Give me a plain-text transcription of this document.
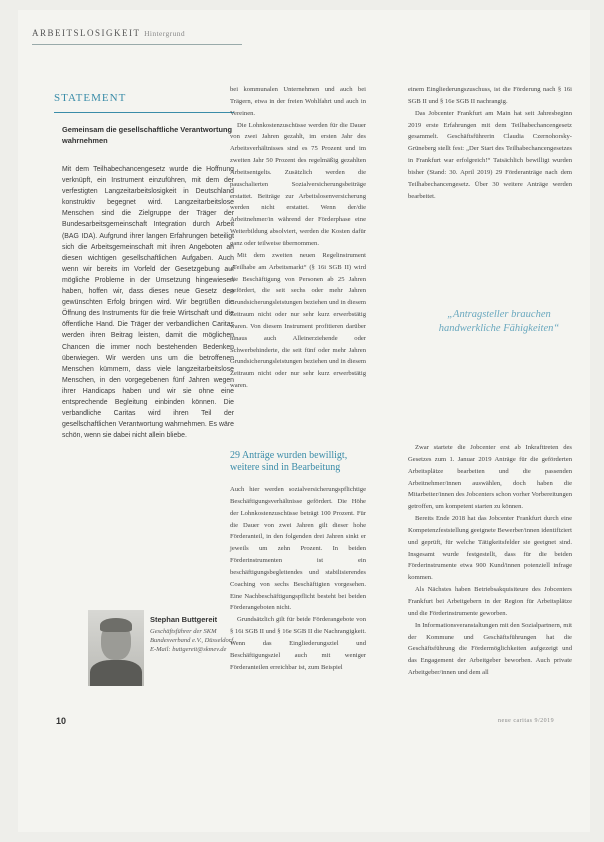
ARBEITSLOSIGKEIT Hintergrund
STATEMENT
Gemeinsam die gesellschaftliche Verantwortung wahrnehmen

Mit dem Teilhabechancengesetz wurde die Hoffnung verknüpft, ein Instrument einzuführen, mit dem der verfestigten Langzeitarbeitslosigkeit in Deutschland konstruktiv begegnet wird. Langzeitarbeitslose Menschen sind die Zielgruppe der Träger der Bundesarbeitsgemeinschaft Integration durch Arbeit (BAG IDA). Aufgrund ihrer langen Erfahrungen beteiligt sich die Arbeitsgemeinschaft mit ihren Angeboten an diesen wichtigen gesellschaftlichen Aufgaben. Auch wenn wir bereits im Vorfeld der Gesetzgebung auf mögliche Probleme in der Umsetzung hingewiesen haben, hoffen wir, dass dieses neue Gesetz den gewünschten Erfolg bringen wird. Wir begrüßen die Öffnung des Instruments für die freie Wirtschaft und die öffentliche Hand. Die Träger der verbandlichen Caritas werden ihren Beitrag leisten, damit die möglichen Chancen die immer noch bestehenden Bedenken überwiegen. Wir werden uns um die betroffenen Menschen kümmern, dass viele langzeitarbeitslose Menschen, in den vorgegebenen fünf Jahren wegen ihrer Handicaps haben und wir sie ohne eine entsprechende Begleitung einbinden können. Die verbandliche Caritas wird ihren Teil der gesellschaftlichen Verantwortung wahrnehmen. Es wäre schön, wenn sie dabei nicht allein bliebe.

Stephan Buttgereit
Geschäftsführer der SKM Bundesverband e.V., Düsseldorf, E-Mail: buttgereit@skmev.de

bei kommunalen Unternehmen und auch bei Trägern, etwa in der freien Wohlfahrt und auch in Vereinen.

Die Lohnkostenzuschüsse werden für die Dauer von zwei Jahren gezahlt, im ersten Jahr des Arbeitsverhältnisses sind es 75 Prozent und im zweiten Jahr 50 Prozent des regelmäßig gezahlten Arbeitsentgelts. Zusätzlich werden die pauschalierten Sozialversicherungsbeiträge erstattet. Beiträge zur Arbeitslosenversicherung werden nicht erstattet. Wenn der/die Arbeitnehmer/in während der Förderphase eine Weiterbildung absolviert, werden die Kosten dafür ganz oder teilweise übernommen.

Mit dem zweiten neuen Regelinstrument „Teilhabe am Arbeitsmarkt“ (§ 16i SGB II) wird die Beschäftigung von Personen ab 25 Jahren gefördert, die seit sechs oder mehr Jahren Grundsicherungsleistungen beziehen und in diesem Zeitraum nicht oder nur sehr kurz erwerbstätig waren. Von diesem Instrument profitieren darüber hinaus auch Alleinerziehende oder Schwerbehinderte, die seit fünf oder mehr Jahren Grundsicherungsleistungen beziehen und in diesem Zeitraum nicht oder nur sehr kurz erwerbstätig waren.

29 Anträge wurden bewilligt, weitere sind in Bearbeitung

Auch hier werden sozialversicherungspflichtige Beschäftigungsverhältnisse gefördert. Die Höhe der Lohnkostenzuschüsse beträgt 100 Prozent. Für die Dauer von zwei Jahren gilt dieser hohe Förderanteil, in den folgenden drei Jahren sinkt er jeweils um zehn Prozent. In beiden Förderinstrumenten ist ein beschäftigungsbegleitendes und stabilisierendes Coaching von sechs Beschäftigten vorgesehen. Eine Nachbeschäftigungspflicht besteht bei beiden Förderangeboten nicht.

Grundsätzlich gilt für beide Förderangebote von § 16i SGB II und § 16e SGB II die Nachrangigkeit. Wenn das Eingliederungsziel und Beschäftigungsziel auch mit weniger Förderanteilen erreichbar ist, zum Beispiel

einem Eingliederungszuschuss, ist die Förderung nach § 16i SGB II und § 16e SGB II nachrangig.

Das Jobcenter Frankfurt am Main hat seit Jahresbeginn 2019 erste Erfahrungen mit dem Teilhabechancengesetz gesammelt. Geschäftsführerin Claudia Czernohorsky-Grüneberg stellt fest: „Der Start des Teilhabechancengesetzes in Frankfurt war erfolgreich!“ Tatsächlich bewilligt wurden bisher (Stand: 30. April 2019) 29 Förderanträge nach dem Teilhabechancengesetz. Über 30 weitere Anträge werden bearbeitet.

„Antragsteller brauchen handwerkliche Fähigkeiten“

Zwar startete die Jobcenter erst ab Inkrafttreten des Gesetzes zum 1. Januar 2019 Anträge für die geförderten Arbeitsplätze bearbeiten und die passenden Arbeitnehmer/innen auswählen, doch haben die Mitarbeiter/innen des Jobcenters schon vorher Vorbereitungen getroffen, um kompetent starten zu können.

Bereits Ende 2018 hat das Jobcenter Frankfurt durch eine Kompetenzfeststellung geeignete Bewerber/innen identifiziert und geprüft, für welche Tätigkeitsfelder sie geeignet sind. Insgesamt wurde festgestellt, dass für die beiden Förderinstrumente etwa 900 Kund/innen potenziell infrage kommen.

Als Nächstes haben Betriebsakquisiteure des Jobcenters Frankfurt bei Arbeitgebern in der Region für Arbeitsplätze und die Förderinstrumente geworben.

In Informationsveranstaltungen mit den Sozialpartnern, mit der Kommune und Geschäftsführungen hat die Geschäftsführung die Fördermöglichkeiten aufgezeigt und das Engagement der Arbeitgeber beworben. Auch private Arbeitgeber/innen und dem all

10	neue caritas 9/2019
